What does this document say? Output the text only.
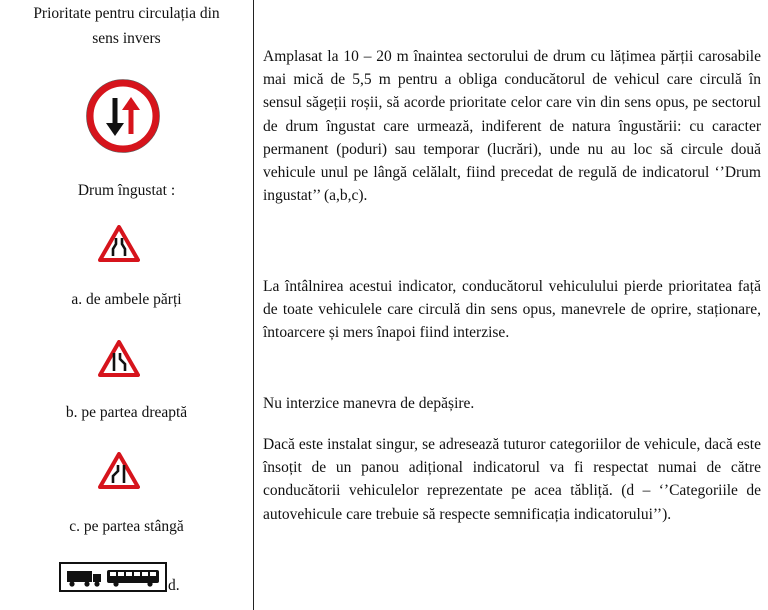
Prioritate pentru circulația din sens invers

Drum îngustat :

a. de ambele părți

b. pe partea dreaptă

c. pe partea stângă

d.

Amplasat la 10 – 20 m înaintea sectorului de drum cu lățimea părții carosabile mai mică de 5,5 m pentru a obliga conducătorul de vehicul care circulă în sensul săgeții roșii, să acorde prioritate celor care vin din sens opus, pe sectorul de drum îngustat care urmează, indiferent de natura îngustării: cu caracter permanent (poduri) sau temporar (lucrări), unde nu au loc să circule două vehicule unul pe lângă celălalt, fiind precedat de regulă de indicatorul ‘’Drum ingustat’’ (a,b,c).

La întâlnirea acestui indicator, conducătorul vehiculului pierde prioritatea față de toate vehiculele care circulă din sens opus, manevrele de oprire, staționare, întoarcere și mers înapoi fiind interzise.

Nu interzice manevra de depășire.

Dacă este instalat singur, se adresează tuturor categoriilor de vehicule, dacă este însoțit de un panou adițional indicatorul va fi respectat numai de către conducătorii vehiculelor reprezentate pe acea tăbliță. (d – ‘’Categoriile de autovehicule care trebuie să respecte semnificația indicatorului’’).
